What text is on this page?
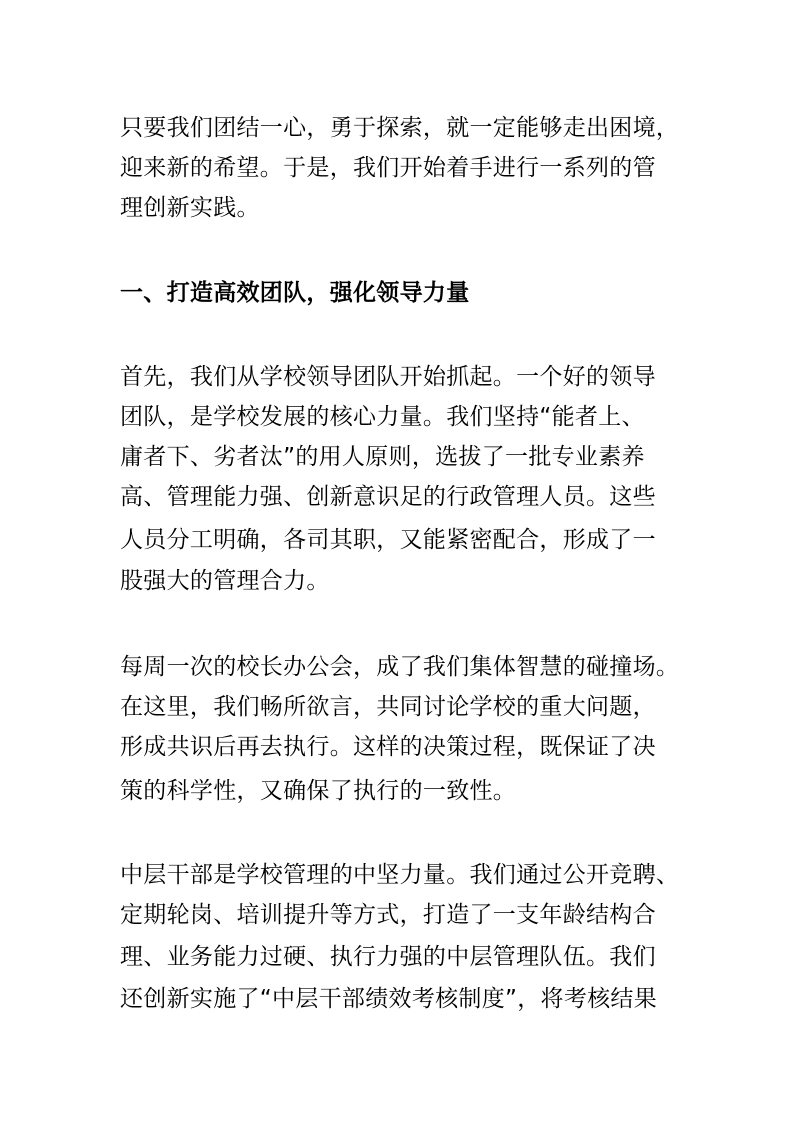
只要我们团结一心，勇于探索，就一定能够走出困境，
迎来新的希望。于是，我们开始着手进行一系列的管
理创新实践。
一、打造高效团队，强化领导力量
首先，我们从学校领导团队开始抓起。一个好的领导
团队，是学校发展的核心力量。我们坚持“能者上、
庸者下、劣者汰”的用人原则，选拔了一批专业素养
高、管理能力强、创新意识足的行政管理人员。这些
人员分工明确，各司其职，又能紧密配合，形成了一
股强大的管理合力。
每周一次的校长办公会，成了我们集体智慧的碰撞场。
在这里，我们畅所欲言，共同讨论学校的重大问题，
形成共识后再去执行。这样的决策过程，既保证了决
策的科学性，又确保了执行的一致性。
中层干部是学校管理的中坚力量。我们通过公开竞聘、
定期轮岗、培训提升等方式，打造了一支年龄结构合
理、业务能力过硬、执行力强的中层管理队伍。我们
还创新实施了“中层干部绩效考核制度”，将考核结果
